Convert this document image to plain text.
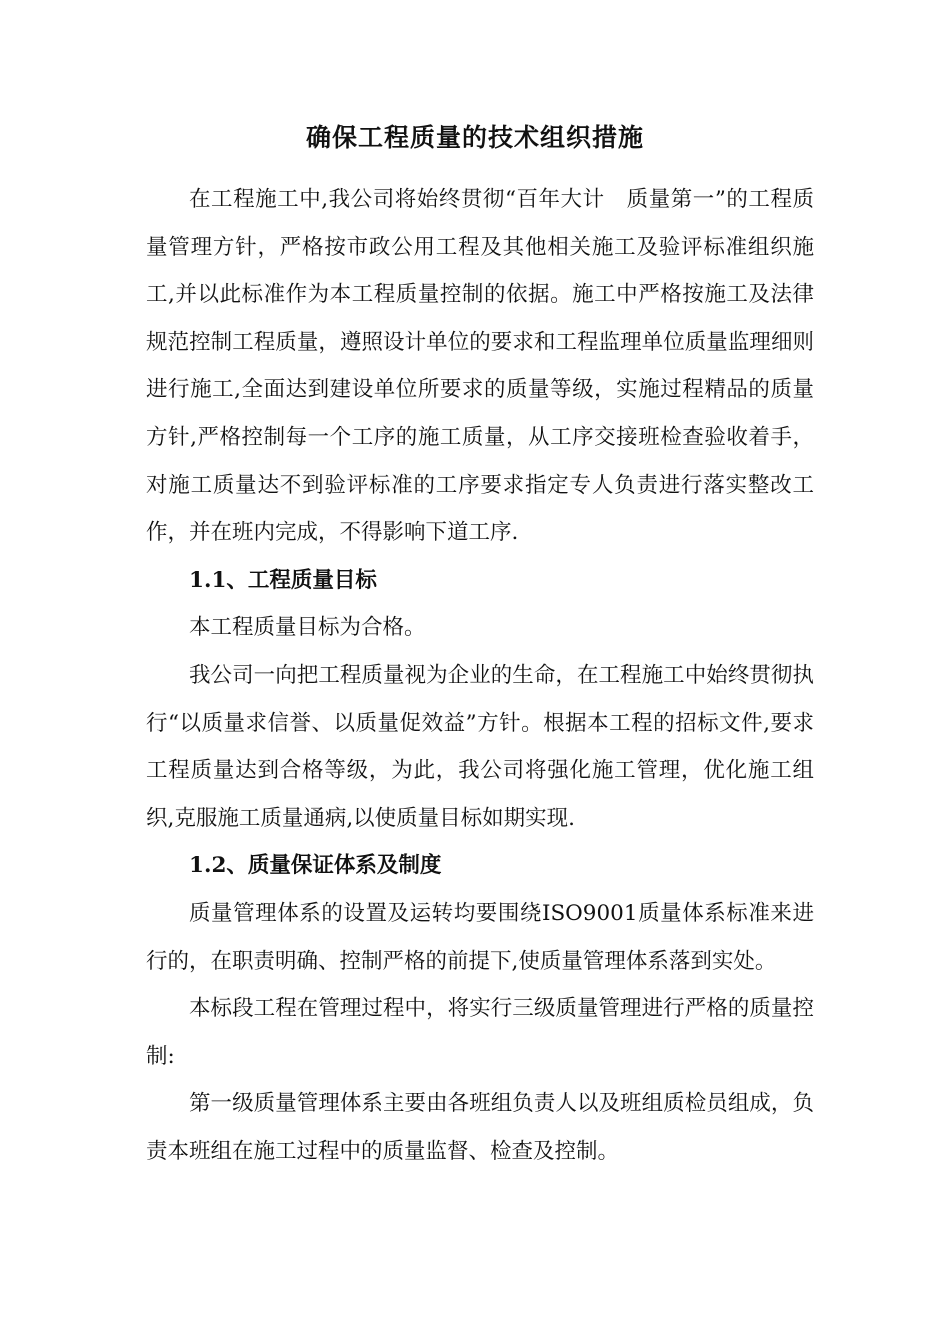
确保工程质量的技术组织措施

在工程施工中,我公司将始终贯彻“百年大计　质量第一”的工程质量管理方针，严格按市政公用工程及其他相关施工及验评标准组织施工,并以此标准作为本工程质量控制的依据。施工中严格按施工及法律规范控制工程质量，遵照设计单位的要求和工程监理单位质量监理细则进行施工,全面达到建设单位所要求的质量等级，实施过程精品的质量方针,严格控制每一个工序的施工质量，从工序交接班检查验收着手，对施工质量达不到验评标准的工序要求指定专人负责进行落实整改工作，并在班内完成，不得影响下道工序.

1.1、工程质量目标

本工程质量目标为合格。

我公司一向把工程质量视为企业的生命，在工程施工中始终贯彻执行“以质量求信誉、以质量促效益”方针。根据本工程的招标文件,要求工程质量达到合格等级，为此，我公司将强化施工管理，优化施工组织,克服施工质量通病,以使质量目标如期实现.

1.2、质量保证体系及制度

质量管理体系的设置及运转均要围绕ISO9001质量体系标准来进行的，在职责明确、控制严格的前提下,使质量管理体系落到实处。

本标段工程在管理过程中，将实行三级质量管理进行严格的质量控制:

第一级质量管理体系主要由各班组负责人以及班组质检员组成，负责本班组在施工过程中的质量监督、检查及控制。
